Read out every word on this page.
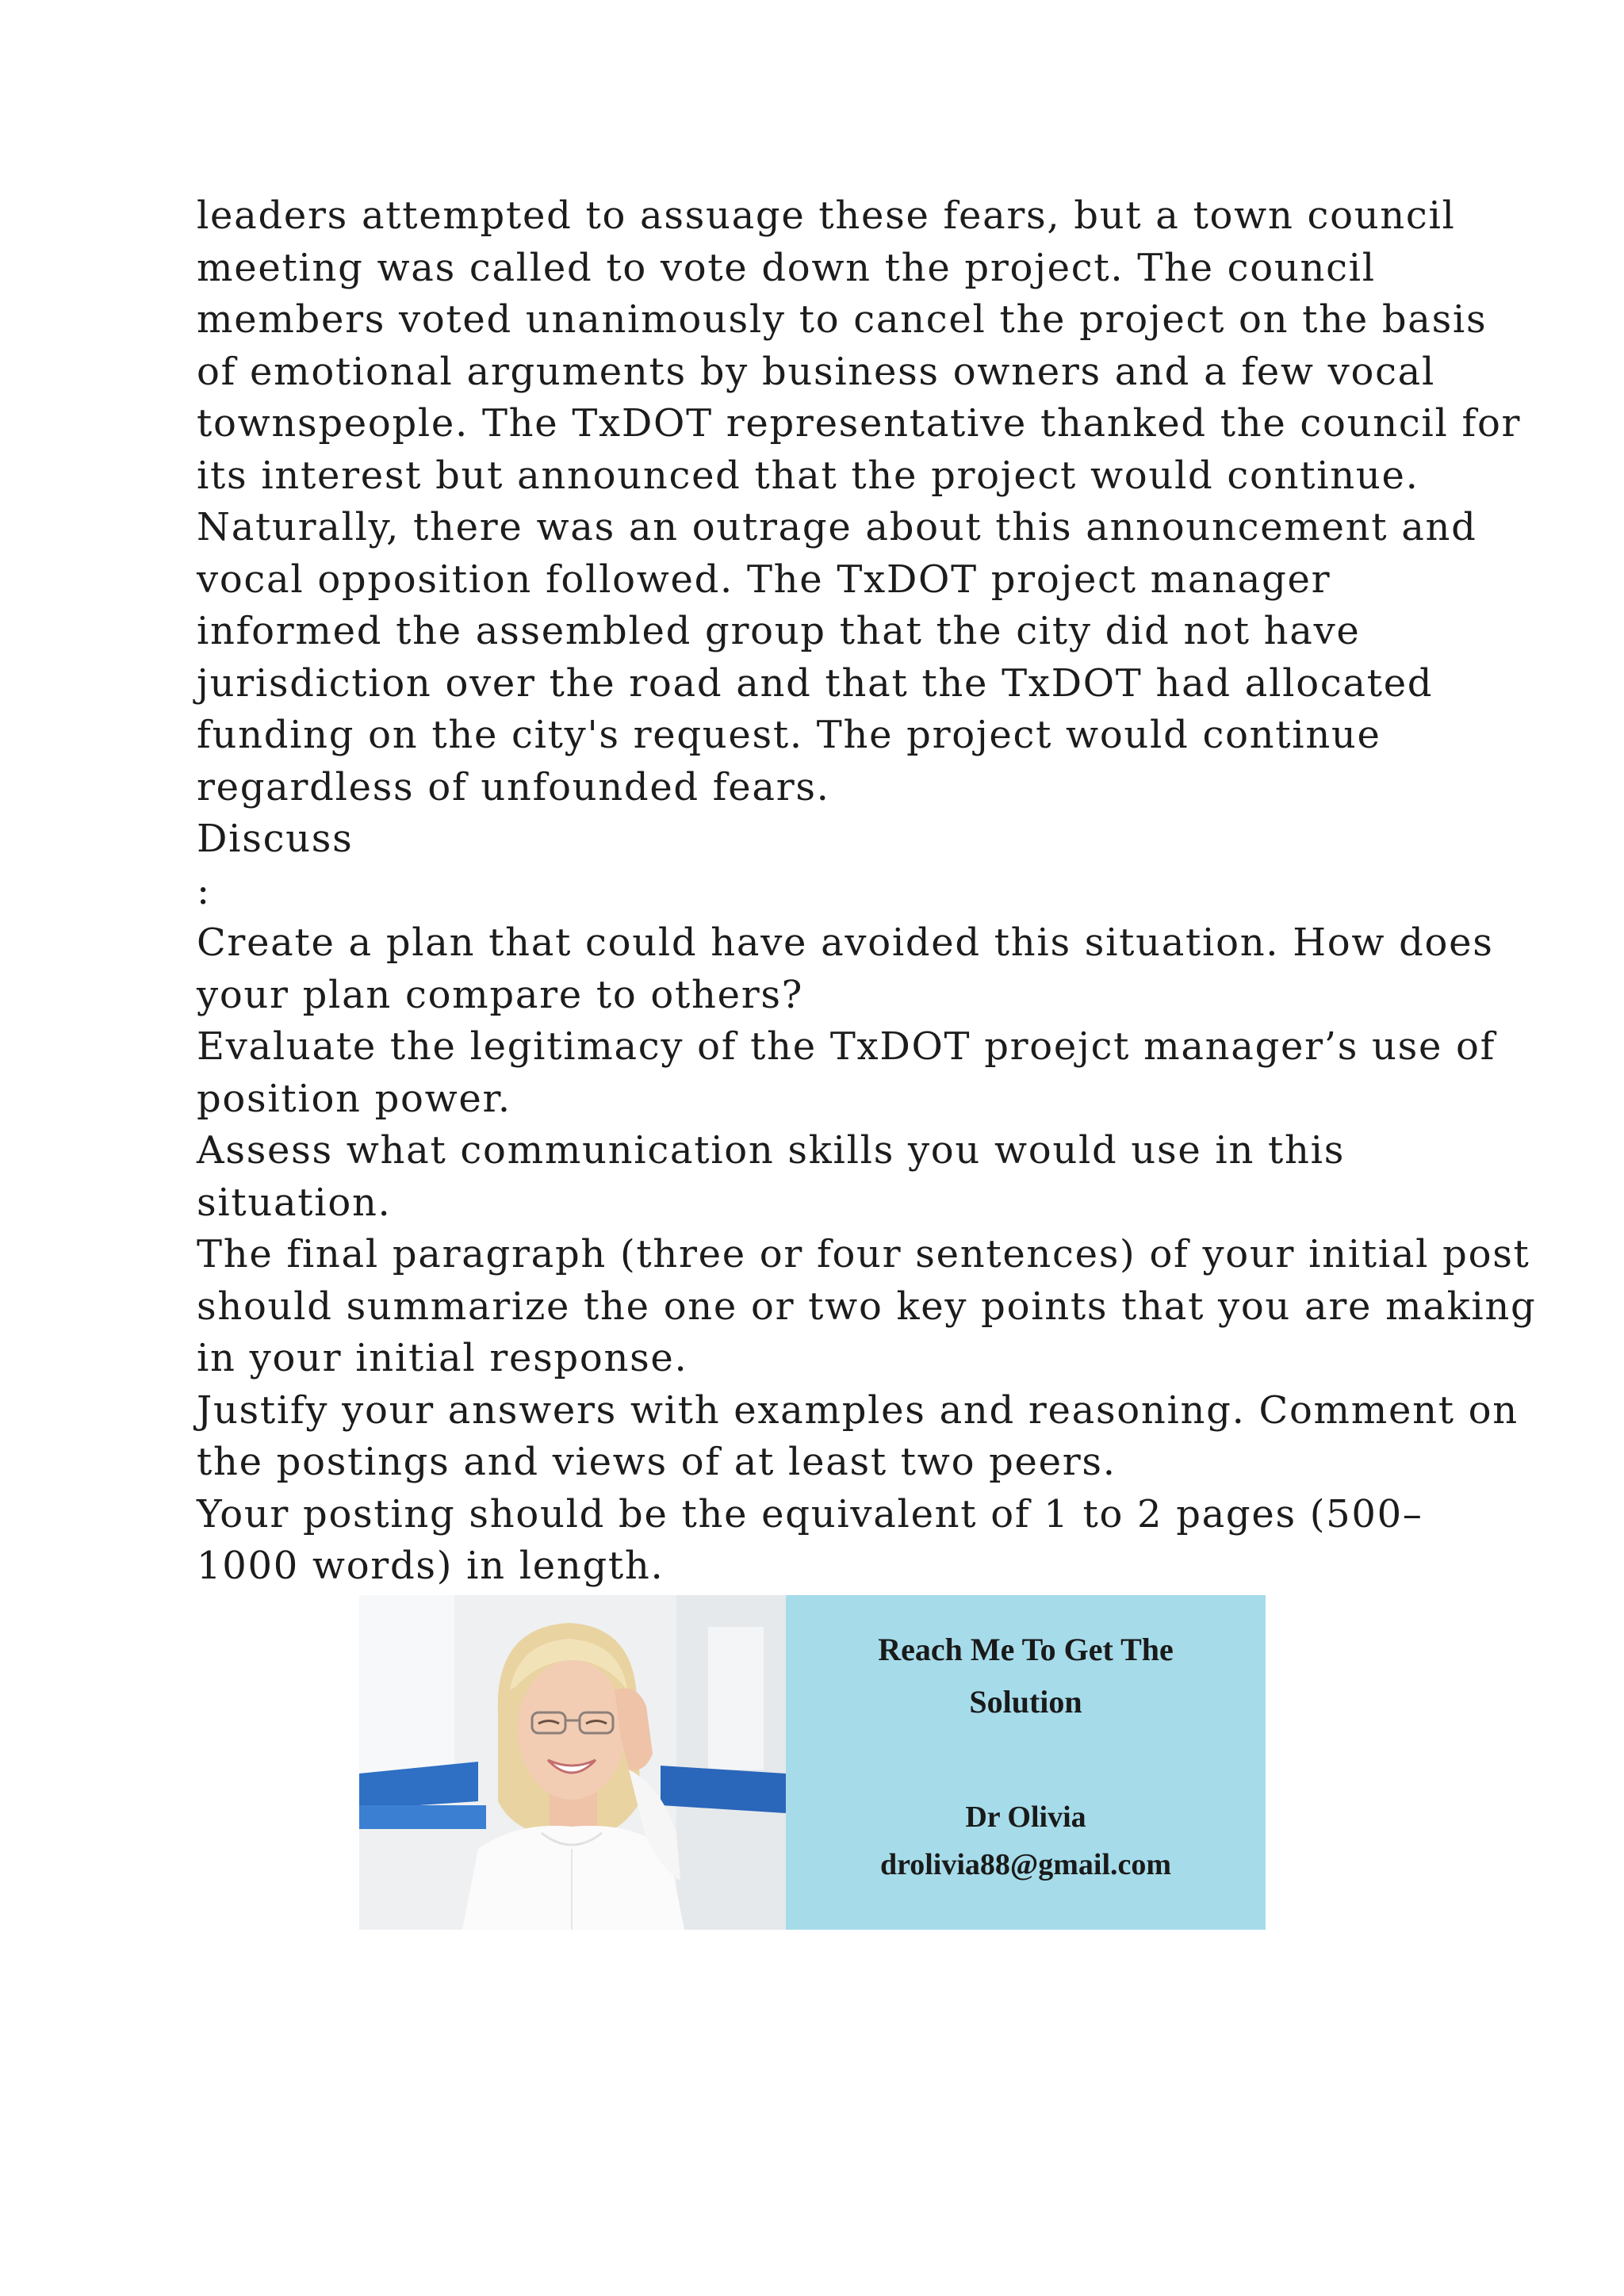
leaders attempted to assuage these fears, but a town council
meeting was called to vote down the project. The council
members voted unanimously to cancel the project on the basis
of emotional arguments by business owners and a few vocal
townspeople. The TxDOT representative thanked the council for
its interest but announced that the project would continue.
Naturally, there was an outrage about this announcement and
vocal opposition followed. The TxDOT project manager
informed the assembled group that the city did not have
jurisdiction over the road and that the TxDOT had allocated
funding on the city's request. The project would continue
regardless of unfounded fears.
Discuss
:
Create a plan that could have avoided this situation. How does
your plan compare to others?
Evaluate the legitimacy of the TxDOT proejct manager’s use of
position power.
Assess what communication skills you would use in this
situation.
The final paragraph (three or four sentences) of your initial post
should summarize the one or two key points that you are making
in your initial response.
Justify your answers with examples and reasoning. Comment on
the postings and views of at least two peers.
Your posting should be the equivalent of 1 to 2 pages (500–
1000 words) in length.
Reach Me To Get The
Solution
Dr Olivia
drolivia88@gmail.com
